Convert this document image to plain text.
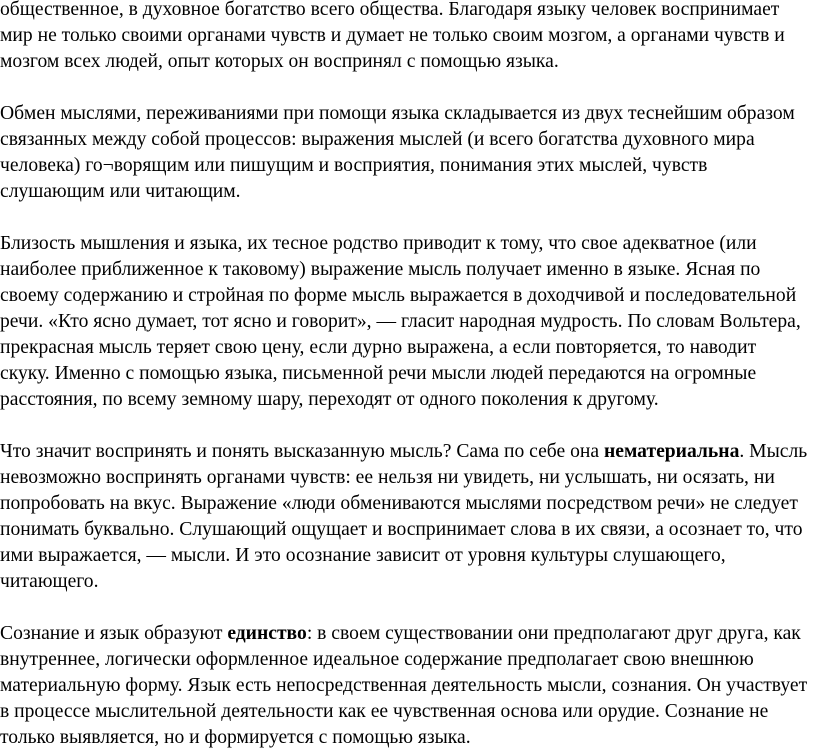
общественное, в духовное богатство всего общества. Благодаря языку человек воспринимает
мир не только своими органами чувств и думает не только своим мозгом, а органами чувств и
мозгом всех людей, опыт которых он воспринял с помощью языка.

Обмен мыслями, переживаниями при помощи языка складывается из двух теснейшим образом
связанных между собой процессов: выражения мыслей (и всего богатства духовного мира
человека) го¬ворящим или пишущим и восприятия, понимания этих мыслей, чувств
слушающим или читающим.

Близость мышления и языка, их тесное родство приводит к тому, что свое адекватное (или
наиболее приближенное к таковому) выражение мысль получает именно в языке. Ясная по
своему содержанию и стройная по форме мысль выражается в доходчивой и последовательной
речи. «Кто ясно думает, тот ясно и говорит», — гласит народная мудрость. По словам Вольтера,
прекрасная мысль теряет свою цену, если дурно выражена, а если повторяется, то наводит
скуку. Именно с помощью языка, письменной речи мысли людей передаются на огромные
расстояния, по всему земному шару, переходят от одного поколения к другому.

Что значит воспринять и понять высказанную мысль? Сама по себе она нематериальна. Мысль
невозможно воспринять органами чувств: ее нельзя ни увидеть, ни услышать, ни осязать, ни
попробовать на вкус. Выражение «люди обмениваются мыслями посредством речи» не следует
понимать буквально. Слушающий ощущает и воспринимает слова в их связи, а осознает то, что
ими выражается, — мысли. И это осознание зависит от уровня культуры слушающего,
читающего.

Сознание и язык образуют единство: в своем существовании они предполагают друг друга, как
внутреннее, логически оформленное идеальное содержание предполагает свою внешнюю
материальную форму. Язык есть непосредственная деятельность мысли, сознания. Он участвует
в процессе мыслительной деятельности как ее чувственная основа или орудие. Сознание не
только выявляется, но и формируется с помощью языка.
